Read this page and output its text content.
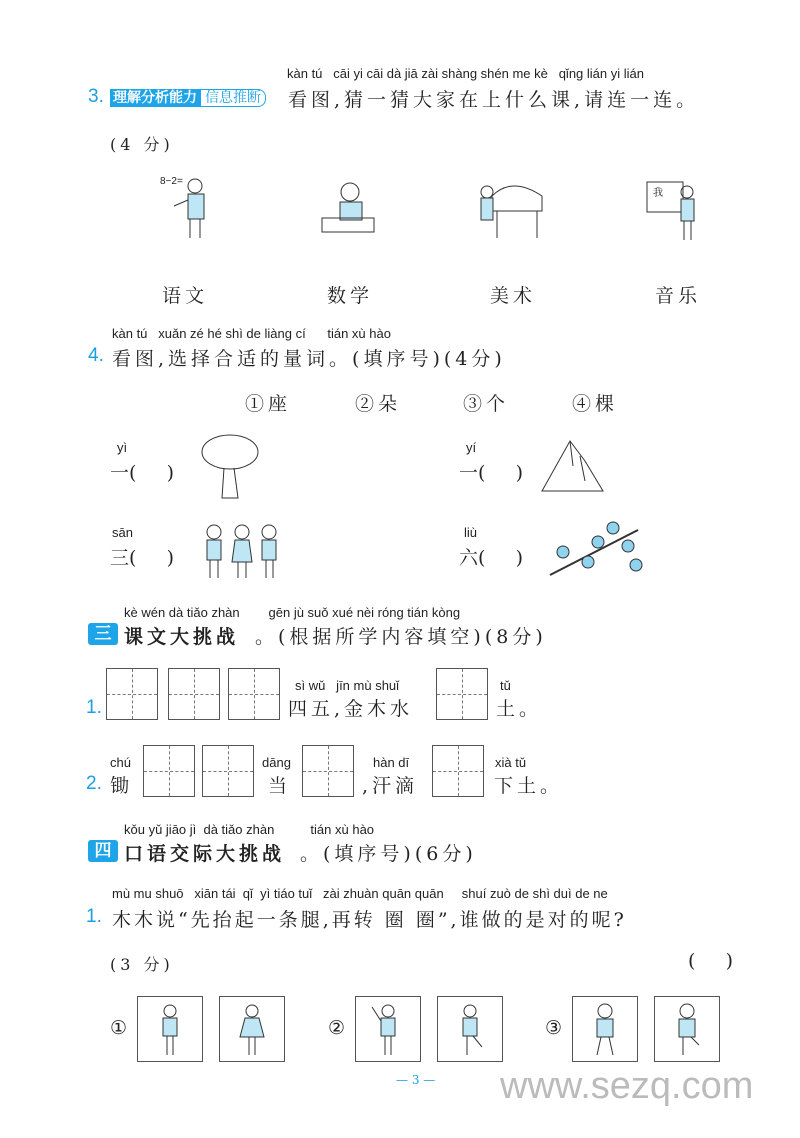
kàn tú   cāi yi cāi dà jiā zài shàng shén me kè   qǐng lián yi lián
3. 理解分析能力 信息推断 看图,猜一猜大家在上什么课,请连一连。
(4 分)
8−2=
我
语文	数学	美术	音乐
kàn tú   xuǎn zé hé shì de liàng cí      tián xù hào
4. 看图,选择合适的量词。(填序号)(4分)
①座	②朵	③个	④棵
yì
一(     )
yí
一(     )
sān
三(     )
liù
六(     )
kè wén dà tiǎo zhàn        gēn jù suǒ xué nèi róng tián kòng
三 课文大挑战 。(根据所学内容填空)(8分)
1.
sì wǔ   jīn mù shuǐ
四五,金木水
tǔ
土。
2.
chú
锄
dāng
当
hàn dī
,汗滴
xià tǔ
下土。
kǒu yǔ jiāo jì  dà tiǎo zhàn          tián xù hào
四 口语交际大挑战 。(填序号)(6分)
mù mu shuō   xiān tái  qǐ  yì tiáo tuǐ   zài zhuàn quān quān     shuí zuò de shì duì de ne
1. 木木说“先抬起一条腿,再转 圈 圈”,谁做的是对的呢?
(3 分)	(     )
①	②	③
— 3 — www.sezq.com
